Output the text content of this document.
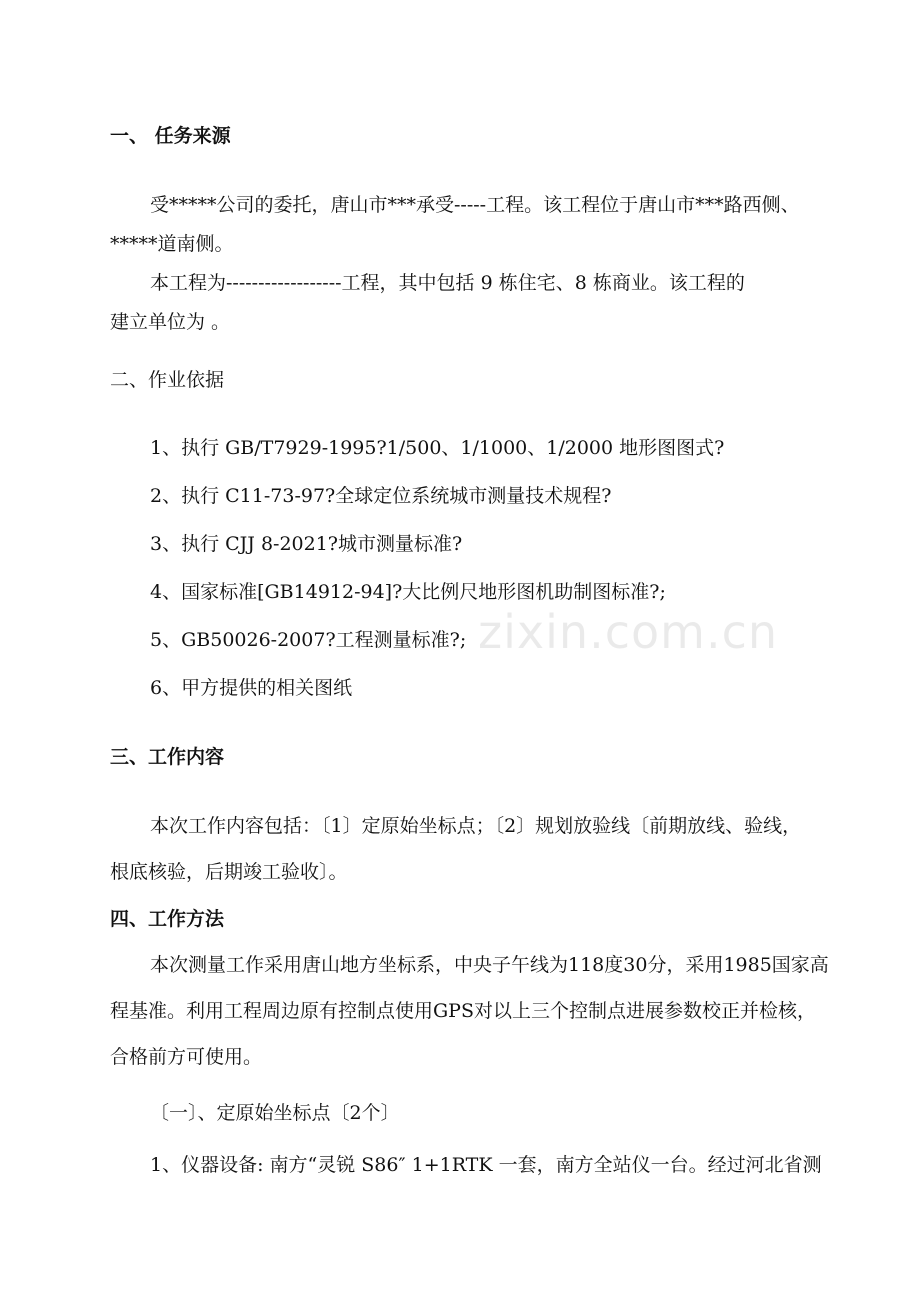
一、 任务来源
受*****公司的委托，唐山市***承受-----工程。该工程位于唐山市***路西侧、
*****道南侧。
本工程为------------------工程，其中包括 9 栋住宅、8 栋商业。该工程的
建立单位为 。
二、作业依据
1、执行 GB/T7929-1995?1/500、1/1000、1/2000 地形图图式?
2、执行 C11-73-97?全球定位系统城市测量技术规程?
3、执行 CJJ 8-2021?城市测量标准?
4、国家标准[GB14912-94]?大比例尺地形图机助制图标准?;
5、GB50026-2007?工程测量标准?;
6、甲方提供的相关图纸
三、工作内容
本次工作内容包括：〔1〕定原始坐标点；〔2〕规划放验线〔前期放线、验线，
根底核验，后期竣工验收〕。
四、工作方法
本次测量工作采用唐山地方坐标系，中央子午线为118度30分，采用1985国家高
程基准。利用工程周边原有控制点使用GPS对以上三个控制点进展参数校正并检核，
合格前方可使用。
〔一〕、定原始坐标点〔2个〕
1、仪器设备: 南方“灵锐 S86″ 1+1RTK 一套，南方全站仪一台。经过河北省测
zixin.com.cn
